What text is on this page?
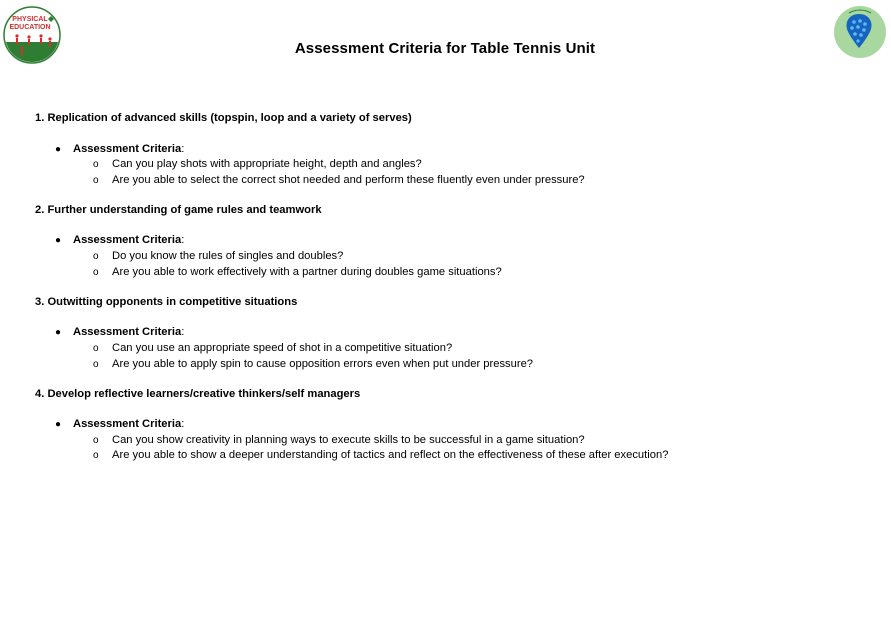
PHYSICAL
EDUCATION
Assessment Criteria for Table Tennis Unit

1. Replication of advanced skills (topspin, loop and a variety of serves)

● Assessment Criteria:
o Can you play shots with appropriate height, depth and angles?
o Are you able to select the correct shot needed and perform these fluently even under pressure?

2. Further understanding of game rules and teamwork

● Assessment Criteria:
o Do you know the rules of singles and doubles?
o Are you able to work effectively with a partner during doubles game situations?

3. Outwitting opponents in competitive situations

● Assessment Criteria:
o Can you use an appropriate speed of shot in a competitive situation?
o Are you able to apply spin to cause opposition errors even when put under pressure?

4. Develop reflective learners/creative thinkers/self managers

● Assessment Criteria:
o Can you show creativity in planning ways to execute skills to be successful in a game situation?
o Are you able to show a deeper understanding of tactics and reflect on the effectiveness of these after execution?
